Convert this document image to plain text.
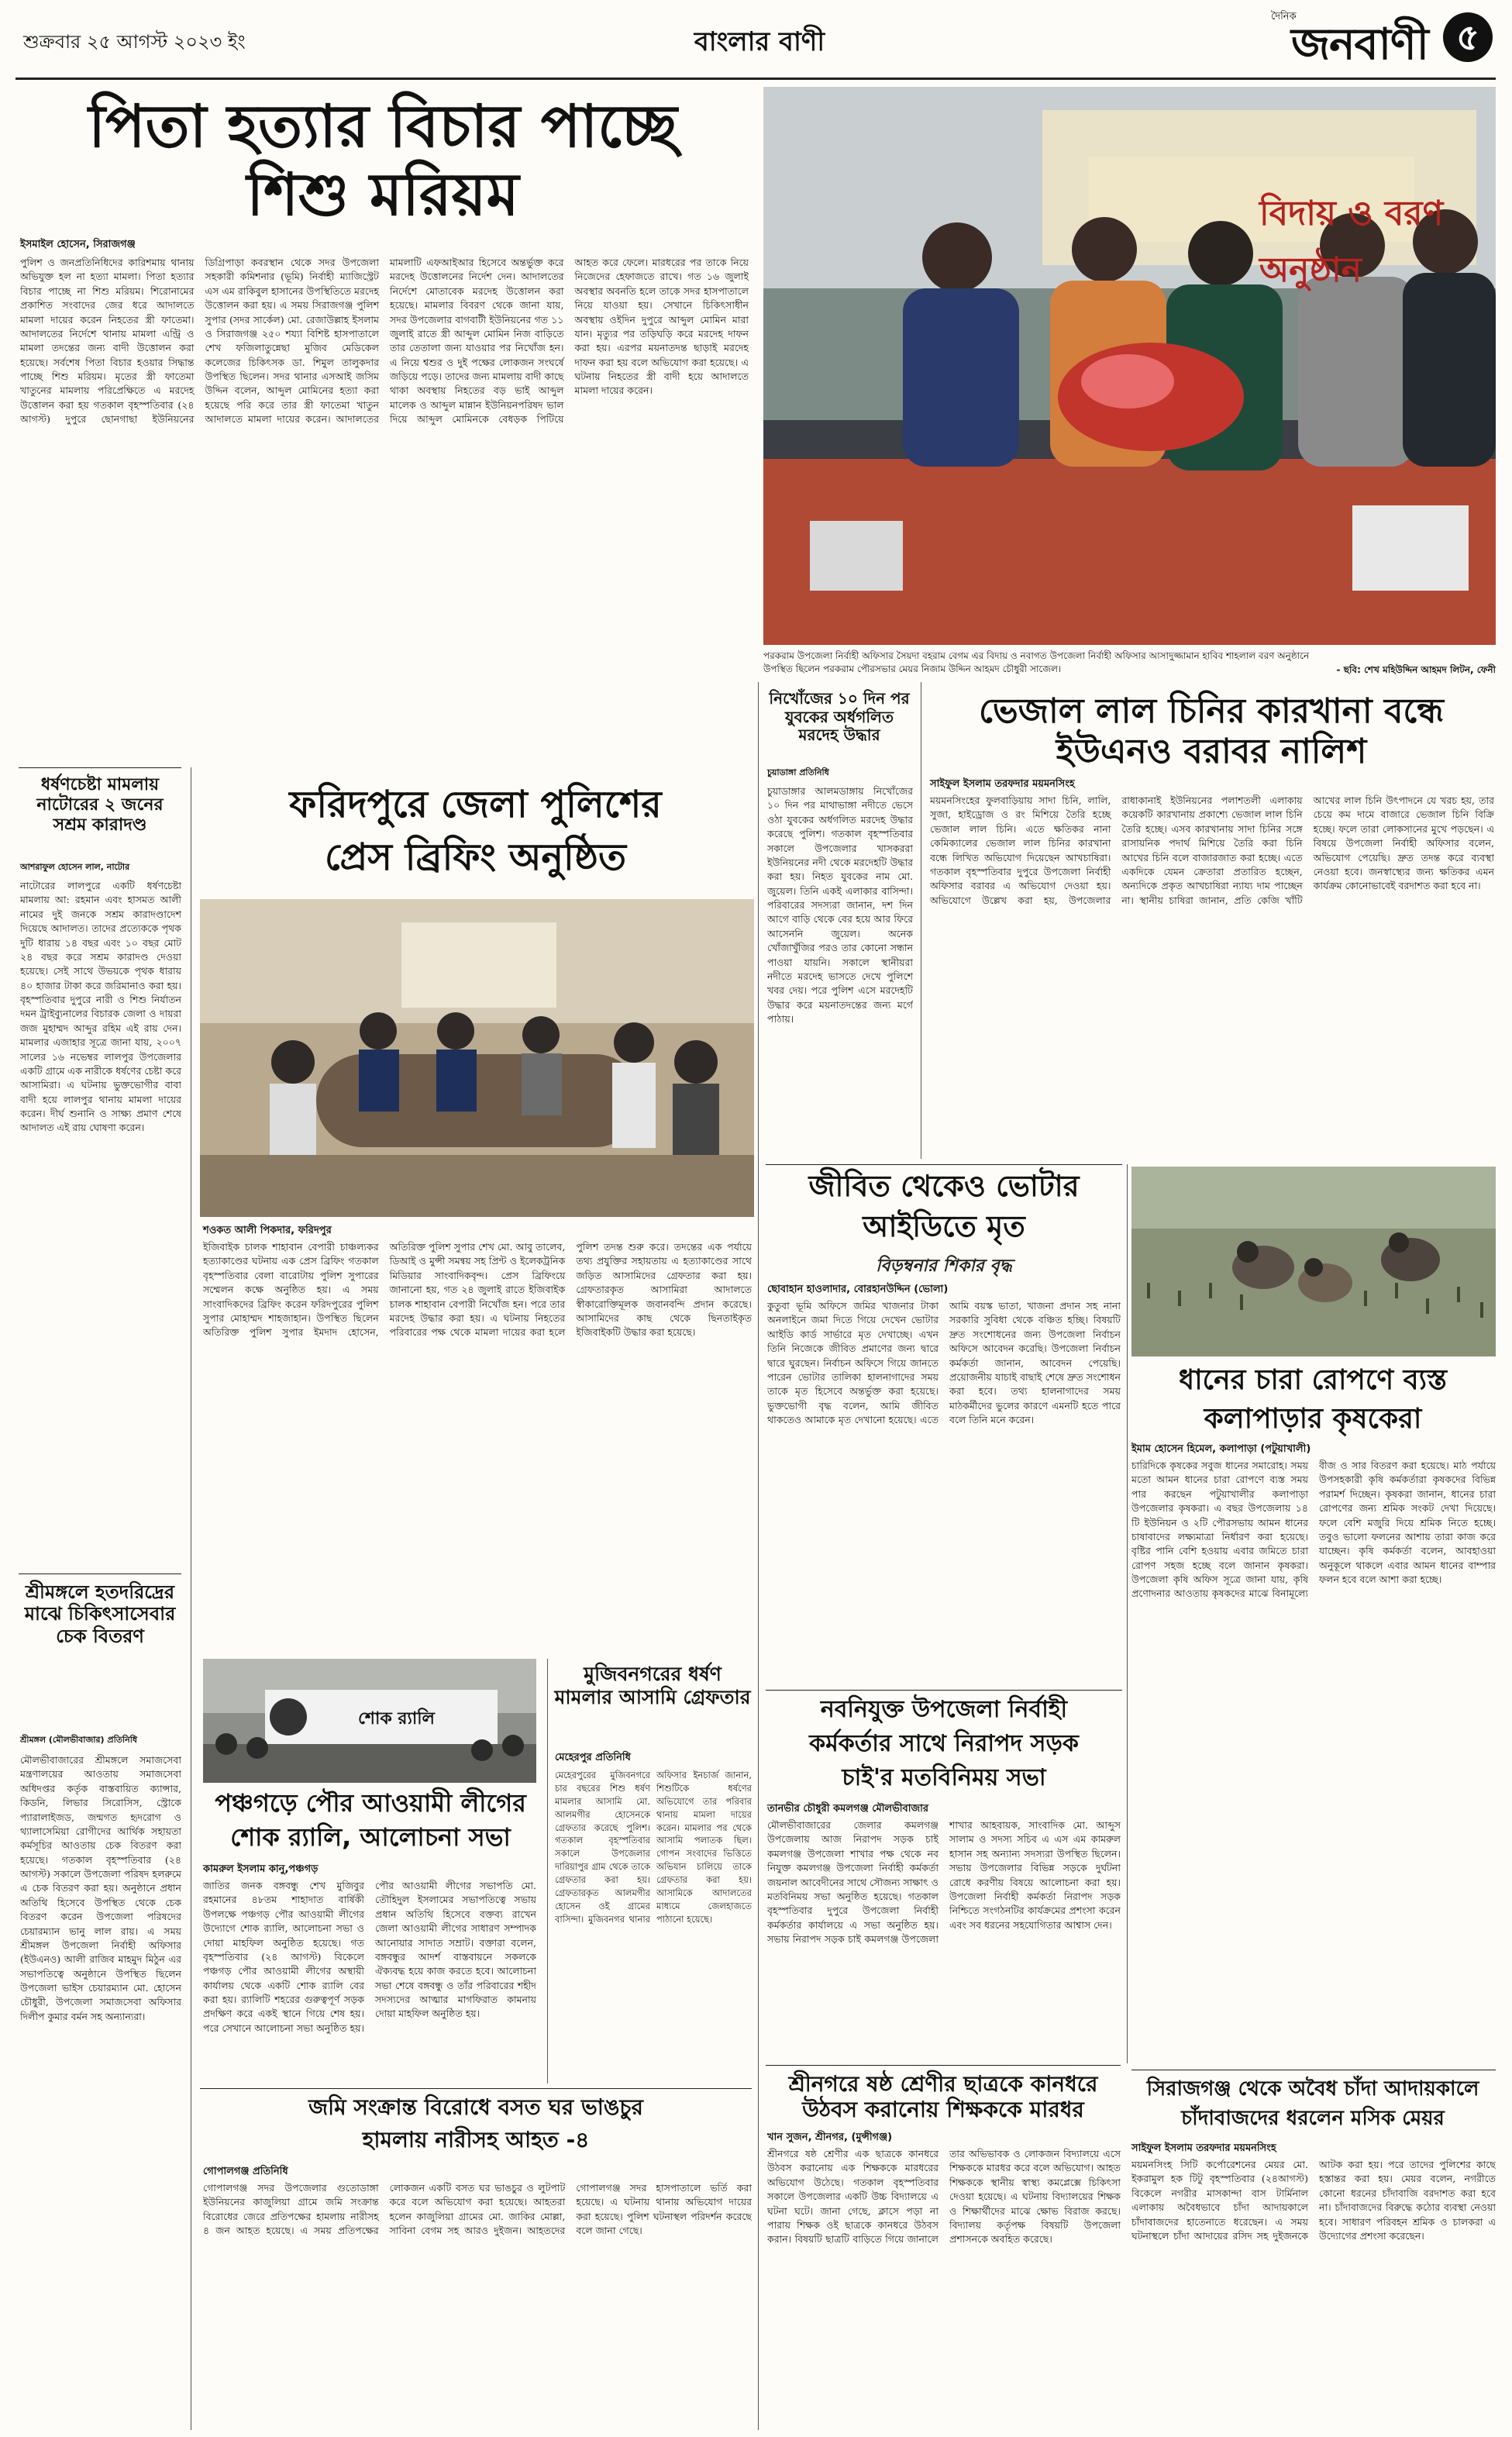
শুক্রবার ২৫ আগস্ট ২০২৩ ইং	বাংলার বাণী
দৈনিক
জনবাণী ৫
পিতা হত্যার বিচার পাচ্ছে
শিশু মরিয়ম
ইসমাইল হোসেন, সিরাজগঞ্জ
পুলিশ ও জনপ্রতিনিধিদের কারিশমায় থানায় অভিযুক্ত হল না হত্যা মামলা। পিতা হত্যার বিচার পাচ্ছে না শিশু মরিয়ম। শিরোনামের প্রকাশিত সংবাদের জের ধরে আদালতে মামলা দায়ের করেন নিহতের স্ত্রী ফাতেমা। আদালতের নির্দেশে থানায় মামলা এন্ট্রি ও মামলা তদন্তের জন্য বাদী উত্তোলন করা হয়েছে। সর্বশেষ পিতা বিচার হওয়ার সিদ্ধান্ত পাচ্ছে শিশু মরিয়ম। মৃতের স্ত্রী ফাতেমা খাতুনের মামলায় পরিপ্রেক্ষিতে এ মরদেহ উত্তোলন করা হয় গতকাল বৃহস্পতিবার (২৪ আগস্ট) দুপুরে ছোনগাছা ইউনিয়নের ডিগ্রিপাড়া কবরস্থান থেকে সদর উপজেলা সহকারী কমিশনার (ভূমি) নির্বাহী ম্যাজিস্ট্রেট এস এম রাকিবুল হাসানের উপস্থিতিতে মরদেহ উত্তোলন করা হয়। এ সময় সিরাজগঞ্জ পুলিশ সুপার (সদর সার্কেল) মো. রেজাউল্লাহ ইসলাম ও সিরাজগঞ্জ ২৫০ শয্যা বিশিষ্ট হাসপাতালে শেখ ফজিলাতুন্নেছা মুজিব মেডিকেল কলেজের চিকিৎসক ডা. শিমুল তালুকদার উপস্থিত ছিলেন। সদর থানার এসআই জসিম উদ্দিন বলেন, আব্দুল মোমিনের হত্যা করা হয়েছে পরি করে তার স্ত্রী ফাতেমা খাতুন আদালতে মামলা দায়ের করেন। আদালতের মামলাটি এফআইআর হিসেবে অন্তর্ভুক্ত করে মরদেহ উত্তোলনের নির্দেশ দেন। আদালতের নির্দেশে মোতাবেক মরদেহ উত্তোলন করা হয়েছে। মামলার বিবরণ থেকে জানা যায়, সদর উপজেলার বাগবাটী ইউনিয়নের গত ১১ জুলাই রাতে স্ত্রী আব্দুল মোমিন নিজ বাড়িতে তার তেতালা জন্য যাওয়ার পর নিখোঁজ হন। এ নিয়ে শ্বশুর ও দুই পক্ষের লোকজন সংঘর্ষে জড়িয়ে পড়ে। তাদের জন্য মামলায় বাদী কাছে থাকা অবস্থায় নিহতের বড় ভাই আব্দুল মালেক ও আব্দুল মান্নান ইউনিয়নপরিষদ ভাল দিয়ে আব্দুল মোমিনকে বেধড়ক পিটিয়ে আহত করে ফেলে। মারধরের পর তাকে নিয়ে নিজেদের হেফাজতে রাখে। গত ১৬ জুলাই অবস্থার অবনতি হলে তাকে সদর হাসপাতালে নিয়ে যাওয়া হয়। সেখানে চিকিৎসাধীন অবস্থায় ওইদিন দুপুরে আব্দুল মোমিন মারা যান। মৃত্যুর পর তড়িঘড়ি করে মরদেহ দাফন করা হয়। এরপর ময়নাতদন্ত ছাড়াই মরদেহ দাফন করা হয় বলে অভিযোগ করা হয়েছে। এ ঘটনায় নিহতের স্ত্রী বাদী হয়ে আদালতে মামলা দায়ের করেন।
বিদায় ও বরণ অনুষ্ঠান
পরকরাম উপজেলা নির্বাহী অফিসার সৈয়দা বহরাম বেগম এর বিদায় ও নবাগত উপজেলা নির্বাহী অফিসার আসাদুজ্জামান হাবিব শাহলাল বরণ অনুষ্ঠানে উপস্থিত ছিলেন পরকরাম পৌরসভার মেয়র নিজাম উদ্দিন আহমদ চৌধুরী সাজেল।	- ছবি: শেখ মহিউদ্দিন আহমদ লিটন, ফেনী
ধর্ষণচেষ্টা মামলায় নাটোরের ২ জনের সশ্রম কারাদণ্ড
আশরাফুল হোসেন লাল, নাটোর
নাটোরের লালপুরে একটি ধর্ষণচেষ্টা মামলায় আ: রহমান এবং হাসমত আলী নামের দুই জনকে সশ্রম কারাদণ্ডাদেশ দিয়েছে আদালত। তাদের প্রত্যেককে পৃথক দুটি ধারায় ১৪ বছর এবং ১০ বছর মোট ২৪ বছর করে সশ্রম কারাদণ্ড দেওয়া হয়েছে। সেই সাথে উভয়কে পৃথক ধারায় ৪০ হাজার টাকা করে জরিমানাও করা হয়। বৃহস্পতিবার দুপুরে নারী ও শিশু নির্যাতন দমন ট্রাইব্যুনালের বিচারক জেলা ও দায়রা জজ মুহাম্মদ আব্দুর রহিম এই রায় দেন। মামলার এজাহার সূত্রে জানা যায়, ২০০৭ সালের ১৬ নভেম্বর লালপুর উপজেলার একটি গ্রামে এক নারীকে ধর্ষণের চেষ্টা করে আসামিরা। এ ঘটনায় ভুক্তভোগীর বাবা বাদী হয়ে লালপুর থানায় মামলা দায়ের করেন। দীর্ঘ শুনানি ও সাক্ষ্য প্রমাণ শেষে আদালত এই রায় ঘোষণা করেন।
শ্রীমঙ্গলে হতদরিদ্রের মাঝে চিকিৎসাসেবার চেক বিতরণ
শ্রীমঙ্গল (মৌলভীবাজার) প্রতিনিধি
মৌলভীবাজারের শ্রীমঙ্গলে সমাজসেবা মন্ত্রণালয়ের আওতায় সমাজসেবা অধিদপ্তর কর্তৃক বাস্তবায়িত ক্যান্সার, কিডনি, লিভার সিরোসিস, স্ট্রোকে প্যারালাইজড, জন্মগত হৃদরোগ ও থ্যালাসেমিয়া রোগীদের আর্থিক সহায়তা কর্মসূচির আওতায় চেক বিতরণ করা হয়েছে। গতকাল বৃহস্পতিবার (২৪ আগস্ট) সকালে উপজেলা পরিষদ হলরুমে এ চেক বিতরণ করা হয়। অনুষ্ঠানে প্রধান অতিথি হিসেবে উপস্থিত থেকে চেক বিতরণ করেন উপজেলা পরিষদের চেয়ারম্যান ভানু লাল রায়। এ সময় শ্রীমঙ্গল উপজেলা নির্বাহী অফিসার (ইউএনও) আলী রাজিব মাহমুদ মিঠুন এর সভাপতিত্বে অনুষ্ঠানে উপস্থিত ছিলেন উপজেলা ভাইস চেয়ারম্যান মো. হোসেন চৌধুরী, উপজেলা সমাজসেবা অফিসার দিলীপ কুমার বর্মন সহ অন্যান্যরা।
ফরিদপুরে জেলা পুলিশের
প্রেস ব্রিফিং অনুষ্ঠিত
শওকত আলী পিকদার, ফরিদপুর
ইজিবাইক চালক শাহাবান বেপারী চাঞ্চল্যকর হত্যাকাণ্ডের ঘটনায় এক প্রেস ব্রিফিং গতকাল বৃহস্পতিবার বেলা বারোটায় পুলিশ সুপারের সম্মেলন কক্ষে অনুষ্ঠিত হয়। এ সময় সাংবাদিকদের ব্রিফিং করেন ফরিদপুরের পুলিশ সুপার মোহাম্মদ শাহজাহান। উপস্থিত ছিলেন অতিরিক্ত পুলিশ সুপার ইমদাদ হোসেন, অতিরিক্ত পুলিশ সুপার শেখ মো. আবু তালেব, ডিআই ও মুন্সী সমন্বয় সহ প্রিন্ট ও ইলেকট্রনিক মিডিয়ার সাংবাদিকবৃন্দ। প্রেস ব্রিফিংয়ে জানানো হয়, গত ২৪ জুলাই রাতে ইজিবাইক চালক শাহাবান বেপারী নিখোঁজ হন। পরে তার মরদেহ উদ্ধার করা হয়। এ ঘটনায় নিহতের পরিবারের পক্ষ থেকে মামলা দায়ের করা হলে পুলিশ তদন্ত শুরু করে। তদন্তের এক পর্যায়ে তথ্য প্রযুক্তির সহায়তায় এ হত্যাকাণ্ডের সাথে জড়িত আসামিদের গ্রেফতার করা হয়। গ্রেফতারকৃত আসামিরা আদালতে স্বীকারোক্তিমূলক জবানবন্দি প্রদান করেছে। আসামিদের কাছ থেকে ছিনতাইকৃত ইজিবাইকটি উদ্ধার করা হয়েছে।
শোক র‍্যালি
পঞ্চগড়ে পৌর আওয়ামী লীগের
শোক র‍্যালি, আলোচনা সভা
কামরুল ইসলাম কানু,পঞ্চগড়
জাতির জনক বঙ্গবন্ধু শেখ মুজিবুর রহমানের ৪৮তম শাহাদাত বার্ষিকী উপলক্ষে পঞ্চগড় পৌর আওয়ামী লীগের উদ্যোগে শোক র‍্যালি, আলোচনা সভা ও দোয়া মাহফিল অনুষ্ঠিত হয়েছে। গত বৃহস্পতিবার (২৪ আগস্ট) বিকেলে পঞ্চগড় পৌর আওয়ামী লীগের অস্থায়ী কার্যালয় থেকে একটি শোক র‍্যালি বের করা হয়। র‍্যালিটি শহরের গুরুত্বপূর্ণ সড়ক প্রদক্ষিণ করে একই স্থানে গিয়ে শেষ হয়। পরে সেখানে আলোচনা সভা অনুষ্ঠিত হয়। পৌর আওয়ামী লীগের সভাপতি মো. তৌহিদুল ইসলামের সভাপতিত্বে সভায় প্রধান অতিথি হিসেবে বক্তব্য রাখেন জেলা আওয়ামী লীগের সাধারণ সম্পাদক আনোয়ার সাদাত সম্রাট। বক্তারা বলেন, বঙ্গবন্ধুর আদর্শ বাস্তবায়নে সকলকে ঐক্যবদ্ধ হয়ে কাজ করতে হবে। আলোচনা সভা শেষে বঙ্গবন্ধু ও তাঁর পরিবারের শহীদ সদস্যদের আত্মার মাগফিরাত কামনায় দোয়া মাহফিল অনুষ্ঠিত হয়।
মুজিবনগরের ধর্ষণ মামলার আসামি গ্রেফতার
মেহেরপুর প্রতিনিধি
মেহেরপুরের মুজিবনগরে চার বছরের শিশু ধর্ষণ মামলার আসামি মো. আলমগীর হোসেনকে গ্রেফতার করেছে পুলিশ। গতকাল বৃহস্পতিবার সকালে উপজেলার দারিয়াপুর গ্রাম থেকে তাকে গ্রেফতার করা হয়। গ্রেফতারকৃত আলমগীর হোসেন ওই গ্রামের বাসিন্দা। মুজিবনগর থানার অফিসার ইনচার্জ জানান, শিশুটিকে ধর্ষণের অভিযোগে তার পরিবার থানায় মামলা দায়ের করেন। মামলার পর থেকে আসামি পলাতক ছিল। গোপন সংবাদের ভিত্তিতে অভিযান চালিয়ে তাকে গ্রেফতার করা হয়। আসামিকে আদালতের মাধ্যমে জেলহাজতে পাঠানো হয়েছে।
জমি সংক্রান্ত বিরোধে বসত ঘর ভাঙচুর
হামলায় নারীসহ আহত -৪
গোপালগঞ্জ প্রতিনিধি
গোপালগঞ্জ সদর উপজেলার গুতোডাঙ্গা ইউনিয়নের কাজুলিয়া গ্রামে জমি সংক্রান্ত বিরোধের জেরে প্রতিপক্ষের হামলায় নারীসহ ৪ জন আহত হয়েছে। এ সময় প্রতিপক্ষের লোকজন একটি বসত ঘর ভাঙচুর ও লুটপাট করে বলে অভিযোগ করা হয়েছে। আহতরা হলেন কাজুলিয়া গ্রামের মো. জাকির মোল্লা, সাবিনা বেগম সহ আরও দুইজন। আহতদের গোপালগঞ্জ সদর হাসপাতালে ভর্তি করা হয়েছে। এ ঘটনায় থানায় অভিযোগ দায়ের করা হয়েছে। পুলিশ ঘটনাস্থল পরিদর্শন করেছে বলে জানা গেছে।
নিখোঁজের ১০ দিন পর যুবকের অর্ধগলিত মরদেহ উদ্ধার
চুয়াডাঙ্গা প্রতিনিধি
চুয়াডাঙ্গার আলমডাঙ্গায় নিখোঁজের ১০ দিন পর মাথাভাঙ্গা নদীতে ভেসে ওঠা যুবকের অর্ধগলিত মরদেহ উদ্ধার করেছে পুলিশ। গতকাল বৃহস্পতিবার সকালে উপজেলার খাসকররা ইউনিয়নের নদী থেকে মরদেহটি উদ্ধার করা হয়। নিহত যুবকের নাম মো. জুয়েল। তিনি একই এলাকার বাসিন্দা। পরিবারের সদস্যরা জানান, দশ দিন আগে বাড়ি থেকে বের হয়ে আর ফিরে আসেননি জুয়েল। অনেক খোঁজাখুঁজির পরও তার কোনো সন্ধান পাওয়া যায়নি। সকালে স্থানীয়রা নদীতে মরদেহ ভাসতে দেখে পুলিশে খবর দেয়। পরে পুলিশ এসে মরদেহটি উদ্ধার করে ময়নাতদন্তের জন্য মর্গে পাঠায়।
ভেজাল লাল চিনির কারখানা বন্ধে ইউএনও বরাবর নালিশ
সাইফুল ইসলাম তরফদার ময়মনসিংহ
ময়মনসিংহের ফুলবাড়িয়ায় সাদা চিনি, লালি, সুজা, হাইড্রোজ ও রং মিশিয়ে তৈরি হচ্ছে ভেজাল লাল চিনি। এতে ক্ষতিকর নানা কেমিক্যালের ভেজাল লাল চিনির কারখানা বন্ধে লিখিত অভিযোগ দিয়েছেন আখচাষিরা। গতকাল বৃহস্পতিবার দুপুরে উপজেলা নির্বাহী অফিসার বরাবর এ অভিযোগ দেওয়া হয়। অভিযোগে উল্লেখ করা হয়, উপজেলার রাধাকানাই ইউনিয়নের পলাশতলী এলাকায় কয়েকটি কারখানায় প্রকাশ্যে ভেজাল লাল চিনি তৈরি হচ্ছে। এসব কারখানায় সাদা চিনির সঙ্গে রাসায়নিক পদার্থ মিশিয়ে তৈরি করা চিনি আখের চিনি বলে বাজারজাত করা হচ্ছে। এতে একদিকে যেমন ক্রেতারা প্রতারিত হচ্ছেন, অন্যদিকে প্রকৃত আখচাষিরা ন্যায্য দাম পাচ্ছেন না। স্থানীয় চাষিরা জানান, প্রতি কেজি খাঁটি আখের লাল চিনি উৎপাদনে যে খরচ হয়, তার চেয়ে কম দামে বাজারে ভেজাল চিনি বিক্রি হচ্ছে। ফলে তারা লোকসানের মুখে পড়ছেন। এ বিষয়ে উপজেলা নির্বাহী অফিসার বলেন, অভিযোগ পেয়েছি। দ্রুত তদন্ত করে ব্যবস্থা নেওয়া হবে। জনস্বাস্থ্যের জন্য ক্ষতিকর এমন কার্যক্রম কোনোভাবেই বরদাশত করা হবে না।
জীবিত থেকেও ভোটার
আইডিতে মৃত
বিড়ম্বনার শিকার বৃদ্ধ
ছোবাহান হাওলাদার, বোরহানউদ্দিন (ভোলা)
কুতুবা ভূমি অফিসে জমির খাজনার টাকা অনলাইনে জমা দিতে গিয়ে দেখেন ভোটার আইডি কার্ড সার্ভারে মৃত দেখাচ্ছে। এখন তিনি নিজেকে জীবিত প্রমাণের জন্য দ্বারে দ্বারে ঘুরছেন। নির্বাচন অফিসে গিয়ে জানতে পারেন ভোটার তালিকা হালনাগাদের সময় তাকে মৃত হিসেবে অন্তর্ভুক্ত করা হয়েছে। ভুক্তভোগী বৃদ্ধ বলেন, আমি জীবিত থাকতেও আমাকে মৃত দেখানো হয়েছে। এতে আমি বয়স্ক ভাতা, খাজনা প্রদান সহ নানা সরকারি সুবিধা থেকে বঞ্চিত হচ্ছি। বিষয়টি দ্রুত সংশোধনের জন্য উপজেলা নির্বাচন অফিসে আবেদন করেছি। উপজেলা নির্বাচন কর্মকর্তা জানান, আবেদন পেয়েছি। প্রয়োজনীয় যাচাই বাছাই শেষে দ্রুত সংশোধন করা হবে। তথ্য হালনাগাদের সময় মাঠকর্মীদের ভুলের কারণে এমনটি হতে পারে বলে তিনি মনে করেন।
ধানের চারা রোপণে ব্যস্ত
কলাপাড়ার কৃষকেরা
ইমাম হোসেন হিমেল, কলাপাড়া (পটুয়াখালী)
চারিদিকে কৃষকের সবুজ ধানের সমারোহ। সময় মতো আমন ধানের চারা রোপণে ব্যস্ত সময় পার করছেন পটুয়াখালীর কলাপাড়া উপজেলার কৃষকরা। এ বছর উপজেলায় ১৪ টি ইউনিয়ন ও ২টি পৌরসভায় আমন ধানের চাষাবাদের লক্ষ্যমাত্রা নির্ধারণ করা হয়েছে। বৃষ্টির পানি বেশি হওয়ায় এবার জমিতে চারা রোপণ সহজ হচ্ছে বলে জানান কৃষকরা। উপজেলা কৃষি অফিস সূত্রে জানা যায়, কৃষি প্রণোদনার আওতায় কৃষকদের মাঝে বিনামূল্যে বীজ ও সার বিতরণ করা হয়েছে। মাঠ পর্যায়ে উপসহকারী কৃষি কর্মকর্তারা কৃষকদের বিভিন্ন পরামর্শ দিচ্ছেন। কৃষকরা জানান, ধানের চারা রোপণের জন্য শ্রমিক সংকট দেখা দিয়েছে। ফলে বেশি মজুরি দিয়ে শ্রমিক নিতে হচ্ছে। তবুও ভালো ফলনের আশায় তারা কাজ করে যাচ্ছেন। কৃষি কর্মকর্তা বলেন, আবহাওয়া অনুকূলে থাকলে এবার আমন ধানের বাম্পার ফলন হবে বলে আশা করা হচ্ছে।
নবনিযুক্ত উপজেলা নির্বাহী
কর্মকর্তার সাথে নিরাপদ সড়ক
চাই'র মতবিনিময় সভা
তানভীর চৌধুরী কমলগঞ্জ মৌলভীবাজার
মৌলভীবাজারের জেলার কমলগঞ্জ উপজেলায় আজ নিরাপদ সড়ক চাই কমলগঞ্জ উপজেলা শাখার পক্ষ থেকে নব নিযুক্ত কমলগঞ্জ উপজেলা নির্বাহী কর্মকর্তা জয়নাল আবেদীনের সাথে সৌজন্য সাক্ষাৎ ও মতবিনিময় সভা অনুষ্ঠিত হয়েছে। গতকাল বৃহস্পতিবার দুপুরে উপজেলা নির্বাহী কর্মকর্তার কার্যালয়ে এ সভা অনুষ্ঠিত হয়। সভায় নিরাপদ সড়ক চাই কমলগঞ্জ উপজেলা শাখার আহবায়ক, সাংবাদিক মো. আব্দুস সালাম ও সদস্য সচিব এ এস এম কামরুল হাসান সহ অন্যান্য সদস্যরা উপস্থিত ছিলেন। সভায় উপজেলার বিভিন্ন সড়কে দুর্ঘটনা রোধে করণীয় বিষয়ে আলোচনা করা হয়। উপজেলা নির্বাহী কর্মকর্তা নিরাপদ সড়ক নিশ্চিতে সংগঠনটির কার্যক্রমের প্রশংসা করেন এবং সব ধরনের সহযোগিতার আশ্বাস দেন।
শ্রীনগরে ষষ্ঠ শ্রেণীর ছাত্রকে কানধরে
উঠবস করানোয় শিক্ষককে মারধর
খান সুজন, শ্রীনগর, (মুন্সীগঞ্জ)
শ্রীনগরে ষষ্ঠ শ্রেণীর এক ছাত্রকে কানধরে উঠবস করানোয় এক শিক্ষককে মারধরের অভিযোগ উঠেছে। গতকাল বৃহস্পতিবার সকালে উপজেলার একটি উচ্চ বিদ্যালয়ে এ ঘটনা ঘটে। জানা গেছে, ক্লাসে পড়া না পারায় শিক্ষক ওই ছাত্রকে কানধরে উঠবস করান। বিষয়টি ছাত্রটি বাড়িতে গিয়ে জানালে তার অভিভাবক ও লোকজন বিদ্যালয়ে এসে শিক্ষককে মারধর করে বলে অভিযোগ। আহত শিক্ষককে স্থানীয় স্বাস্থ্য কমপ্লেক্সে চিকিৎসা দেওয়া হয়েছে। এ ঘটনায় বিদ্যালয়ের শিক্ষক ও শিক্ষার্থীদের মাঝে ক্ষোভ বিরাজ করছে। বিদ্যালয় কর্তৃপক্ষ বিষয়টি উপজেলা প্রশাসনকে অবহিত করেছে।
সিরাজগঞ্জ থেকে অবৈধ চাঁদা আদায়কালে
চাঁদাবাজদের ধরলেন মসিক মেয়র
সাইফুল ইসলাম তরফদার ময়মনসিংহ
ময়মনসিংহ সিটি কর্পোরেশনের মেয়র মো. ইকরামুল হক টিটু বৃহস্পতিবার (২৪আগস্ট) বিকেলে নগরীর মাসকান্দা বাস টার্মিনাল এলাকায় অবৈধভাবে চাঁদা আদায়কালে চাঁদাবাজদের হাতেনাতে ধরেছেন। এ সময় ঘটনাস্থলে চাঁদা আদায়ের রসিদ সহ দুইজনকে আটক করা হয়। পরে তাদের পুলিশের কাছে হস্তান্তর করা হয়। মেয়র বলেন, নগরীতে কোনো ধরনের চাঁদাবাজি বরদাশত করা হবে না। চাঁদাবাজদের বিরুদ্ধে কঠোর ব্যবস্থা নেওয়া হবে। সাধারণ পরিবহন শ্রমিক ও চালকরা এ উদ্যোগের প্রশংসা করেছেন।
